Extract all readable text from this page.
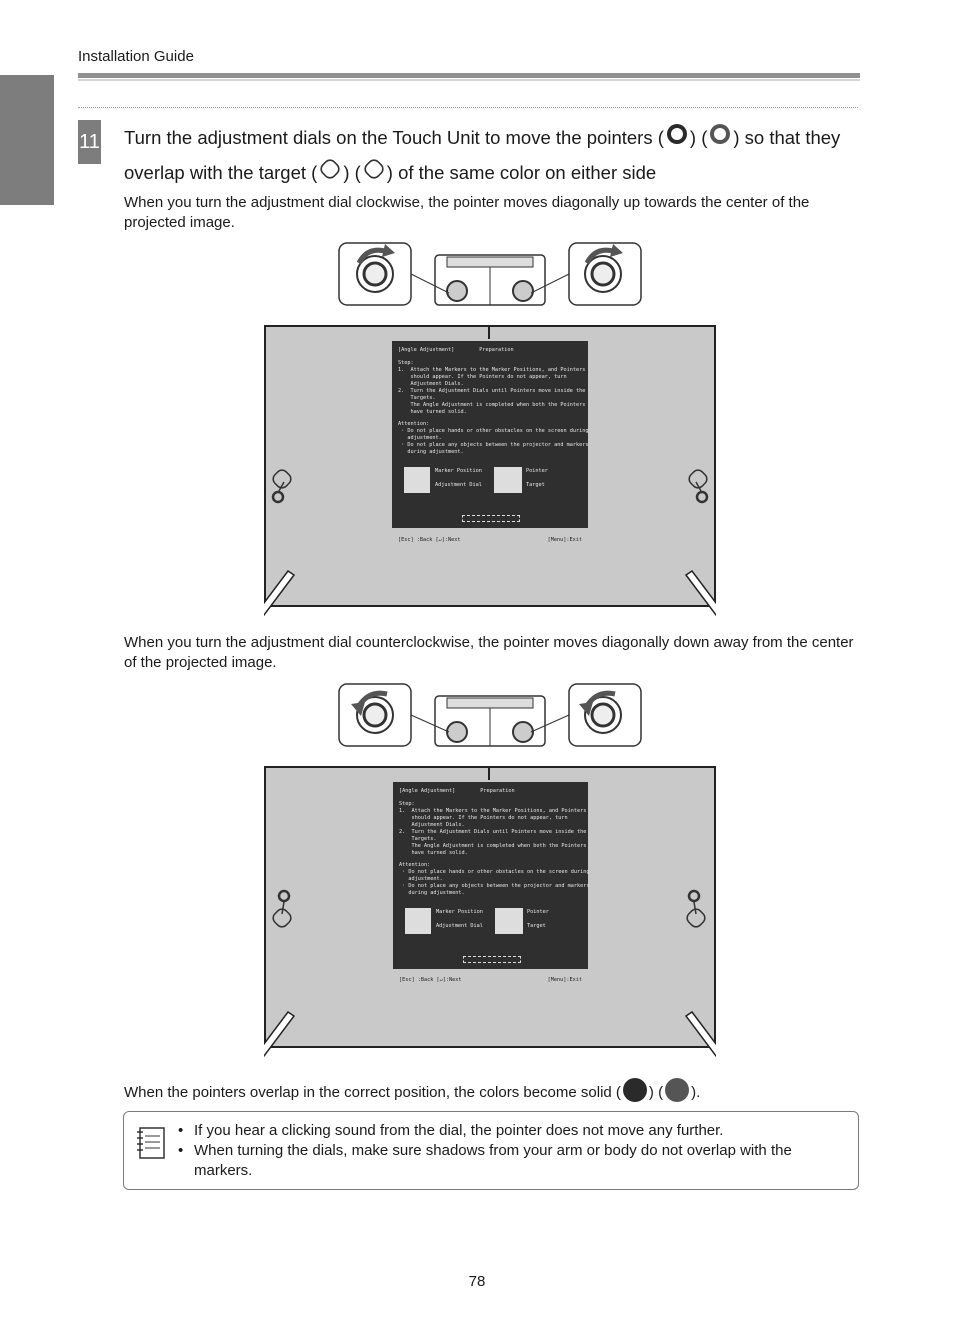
Installation Guide
11 Turn the adjustment dials on the Touch Unit to move the pointers ( ) ( ) so that they overlap with the target ( ) ( ) of the same color on either side
When you turn the adjustment dial clockwise, the pointer moves diagonally up towards the center of the projected image.
[Angle Adjustment]	Preparation
Step:
1.  Attach the Markers to the Marker Positions, and Pointers
should appear. If the Pointers do not appear, turn
Adjustment Dials.
2.  Turn the Adjustment Dials until Pointers move inside the
Targets.
The Angle Adjustment is completed when both the Pointers
have turned solid.
Attention:
· Do not place hands or other obstacles on the screen during
adjustment.
· Do not place any objects between the projector and markers
during adjustment.
Marker Position
Adjustment Dial
Pointer
Target
[Esc] :Back [↵]:Next	[Menu]:Exit
When you turn the adjustment dial counterclockwise, the pointer moves diagonally down away from the center of the projected image.
[Angle Adjustment]	Preparation
Step:
1.  Attach the Markers to the Marker Positions, and Pointers
should appear. If the Pointers do not appear, turn
Adjustment Dials.
2.  Turn the Adjustment Dials until Pointers move inside the
Targets.
The Angle Adjustment is completed when both the Pointers
have turned solid.
Attention:
· Do not place hands or other obstacles on the screen during
adjustment.
· Do not place any objects between the projector and markers
during adjustment.
Marker Position
Adjustment Dial
Pointer
Target
[Esc] :Back [↵]:Next	[Menu]:Exit
When the pointers overlap in the correct position, the colors become solid ( ) ( ).
• If you hear a clicking sound from the dial, the pointer does not move any further.
• When turning the dials, make sure shadows from your arm or body do not overlap with the markers.
78
